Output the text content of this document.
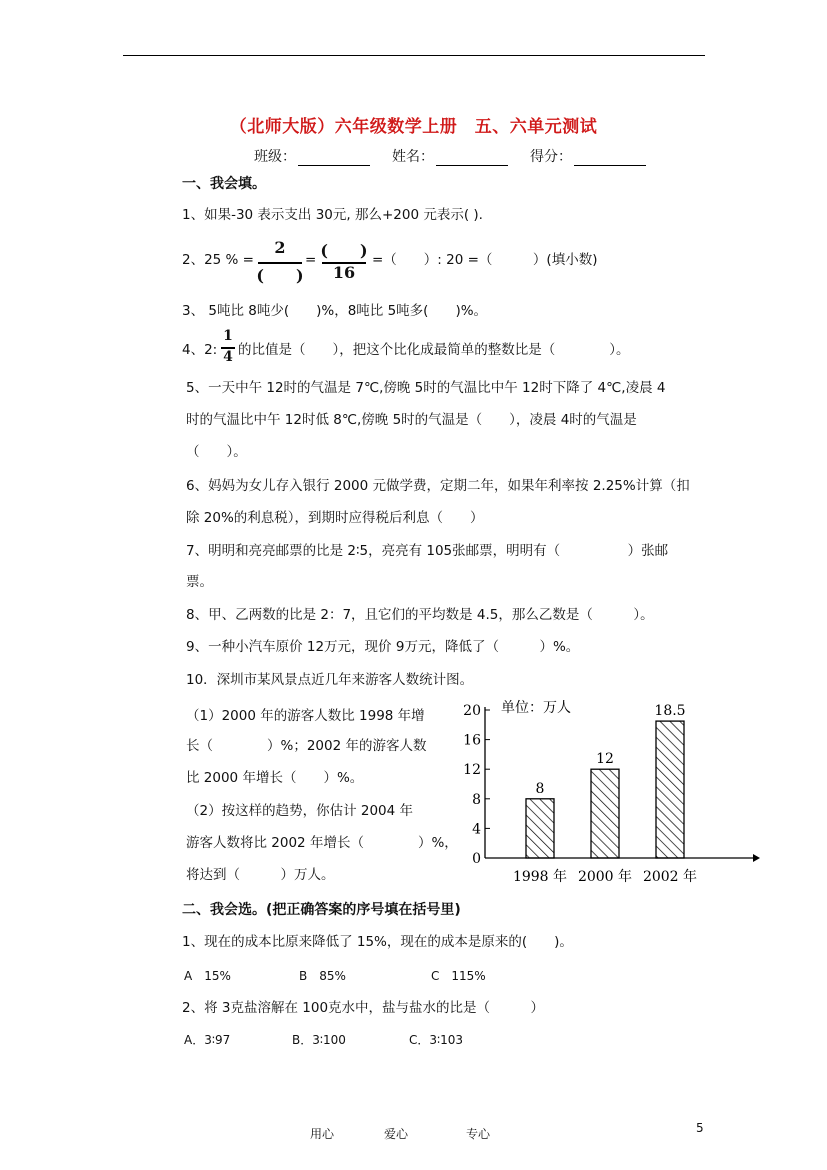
（北师大版）六年级数学上册　五、六单元测试
班级：	姓名：	得分：
一、我会填。
1、如果-30 表示支出 30元, 那么+200 元表示( ).
2、25 % =
2
(　　)
= (　　)
16
=（　　）: 20 =（　　　）(填小数)
3、 5吨比 8吨少(　　)%，8吨比 5吨多(　　)%。
4、2:
1
4 的比值是（　　），把这个比化成最简单的整数比是（　　　　）。
5、一天中午 12时的气温是 7℃,傍晚 5时的气温比中午 12时下降了 4℃,凌晨 4
时的气温比中午 12时低 8℃,傍晚 5时的气温是（　　），凌晨 4时的气温是
（　　）。
6、妈妈为女儿存入银行 2000 元做学费，定期二年，如果年利率按 2.25%计算（扣
除 20%的利息税），到期时应得税后利息（　　）
7、明明和亮亮邮票的比是 2∶5，亮亮有 105张邮票，明明有（　　　　　）张邮
票。
8、甲、乙两数的比是 2：7，且它们的平均数是 4.5，那么乙数是（　　　）。
9、一种小汽车原价 12万元，现价 9万元，降低了（　　　）%。
10．深圳市某风景点近几年来游客人数统计图。
（1）2000 年的游客人数比 1998 年增
长（　　　　）%；2002 年的游客人数
比 2000 年增长（　　）%。
（2）按这样的趋势，你估计 2004 年
游客人数将比 2002 年增长（　　　　）%，
将达到（　　　）万人。
0
4
8
12
16
20 单位：万人
8
1998 年
12
2000 年
18.5
2002 年
二、我会选。(把正确答案的序号填在括号里)
1、现在的成本比原来降低了 15%，现在的成本是原来的(　　)。
A　15%	B　85%	C　115%
2、将 3克盐溶解在 100克水中，盐与盐水的比是（　　　）
A．3∶97	B．3∶100	C．3∶103
用心	爱心	专心	5
